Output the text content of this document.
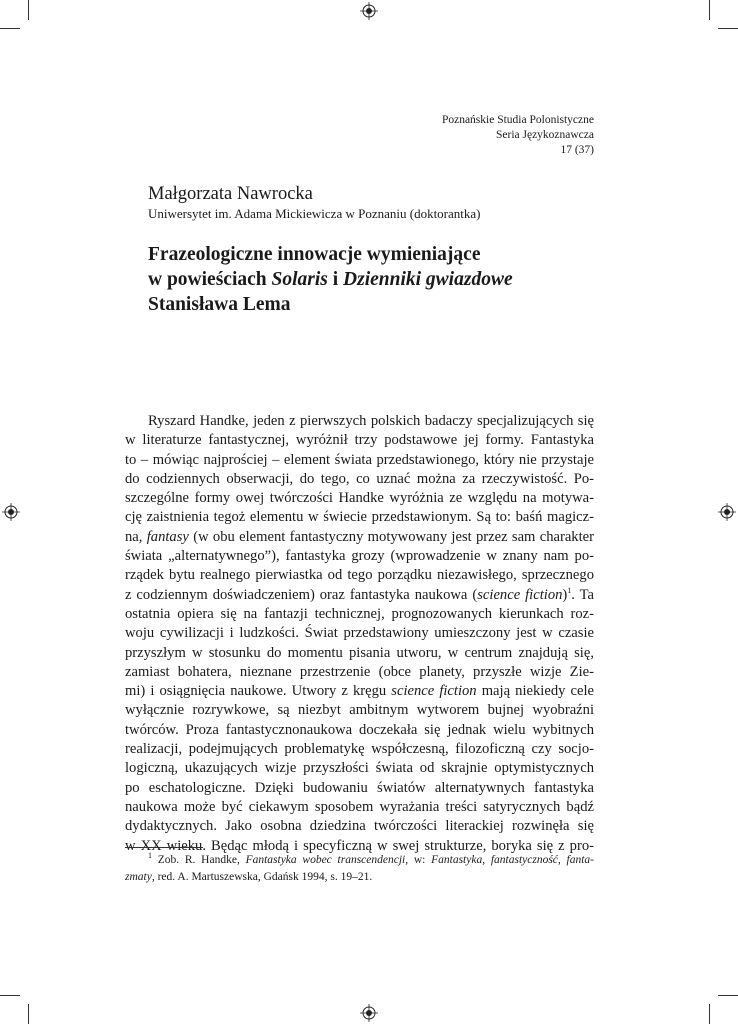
Poznańskie Studia Polonistyczne
Seria Językoznawcza
17 (37)
Małgorzata Nawrocka
Uniwersytet im. Adama Mickiewicza w Poznaniu (doktorantka)
Frazeologiczne innowacje wymieniające
w powieściach Solaris i Dzienniki gwiazdowe
Stanisława Lema
Ryszard Handke, jeden z pierwszych polskich badaczy specjalizujących się
w literaturze fantastycznej, wyróżnił trzy podstawowe jej formy. Fantastyka
to – mówiąc najprościej – element świata przedstawionego, który nie przystaje
do codziennych obserwacji, do tego, co uznać można za rzeczywistość. Po-
szczególne formy owej twórczości Handke wyróżnia ze względu na motywa-
cję zaistnienia tegoż elementu w świecie przedstawionym. Są to: baśń magicz-
na, fantasy (w obu element fantastyczny motywowany jest przez sam charakter
świata „alternatywnego”), fantastyka grozy (wprowadzenie w znany nam po-
rządek bytu realnego pierwiastka od tego porządku niezawisłego, sprzecznego
z codziennym doświadczeniem) oraz fantastyka naukowa (science fiction)$^1$. Ta
ostatnia opiera się na fantazji technicznej, prognozowanych kierunkach roz-
woju cywilizacji i ludzkości. Świat przedstawiony umieszczony jest w czasie
przyszłym w stosunku do momentu pisania utworu, w centrum znajdują się,
zamiast bohatera, nieznane przestrzenie (obce planety, przyszłe wizje Zie-
mi) i osiągnięcia naukowe. Utwory z kręgu science fiction mają niekiedy cele
wyłącznie rozrywkowe, są niezbyt ambitnym wytworem bujnej wyobraźni
twórców. Proza fantastycznonaukowa doczekała się jednak wielu wybitnych
realizacji, podejmujących problematykę współczesną, filozoficzną czy socjo-
logiczną, ukazujących wizje przyszłości świata od skrajnie optymistycznych
po eschatologiczne. Dzięki budowaniu światów alternatywnych fantastyka
naukowa może być ciekawym sposobem wyrażania treści satyrycznych bądź
dydaktycznych. Jako osobna dziedzina twórczości literackiej rozwinęła się
w XX wieku. Będąc młodą i specyficzną w swej strukturze, boryka się z pro-
$^1$ Zob. R. Handke, Fantastyka wobec transcendencji, w: Fantastyka, fantastyczność, fanta-
zmaty, red. A. Martuszewska, Gdańsk 1994, s. 19–21.
